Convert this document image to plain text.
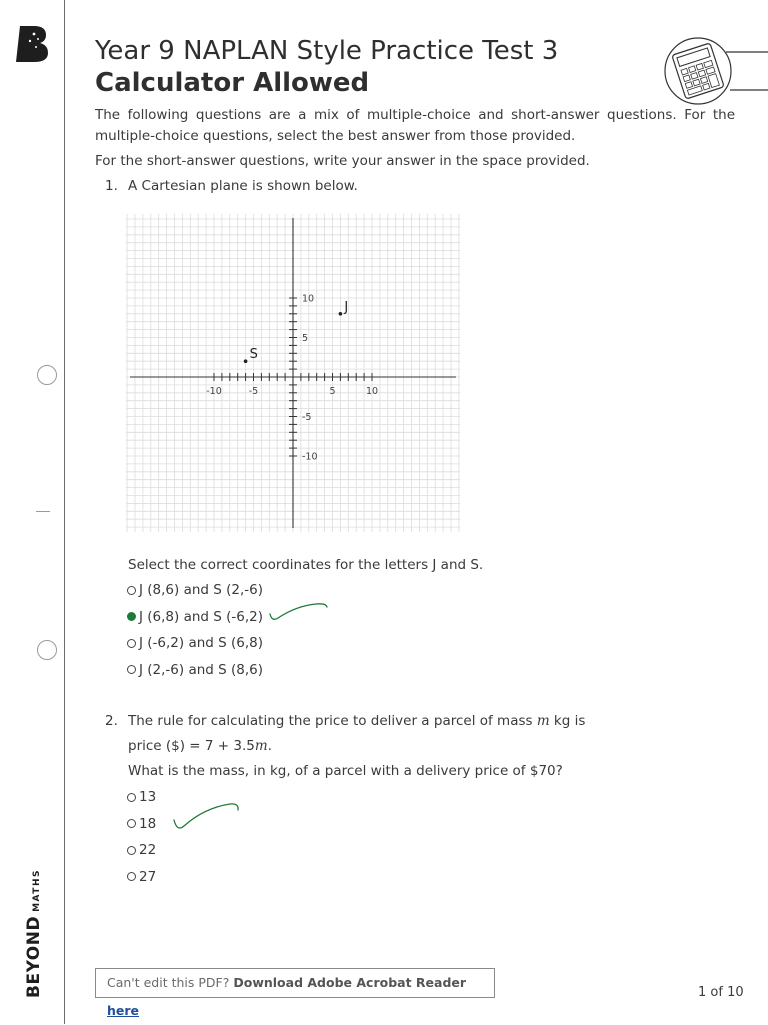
BEYONDMATHS
Year 9 NAPLAN Style Practice Test 3
Calculator Allowed
The following questions are a mix of multiple-choice and short-answer questions. For the multiple-choice questions, select the best answer from those provided.
For the short-answer questions, write your answer in the space provided.
1. A Cartesian plane is shown below.
-10	-5	5	10
10
5
-5
-10
J
S
Select the correct coordinates for the letters J and S.
J (8,6) and S (2,-6)
J (6,8) and S (-6,2)
J (-6,2) and S (6,8)
J (2,-6) and S (8,6)
2. The rule for calculating the price to deliver a parcel of mass m kg is
price ($) = 7 + 3.5m.
What is the mass, in kg, of a parcel with a delivery price of $70?
13
18
22
27
Can't edit this PDF? Download Adobe Acrobat Reader here
1 of 10
